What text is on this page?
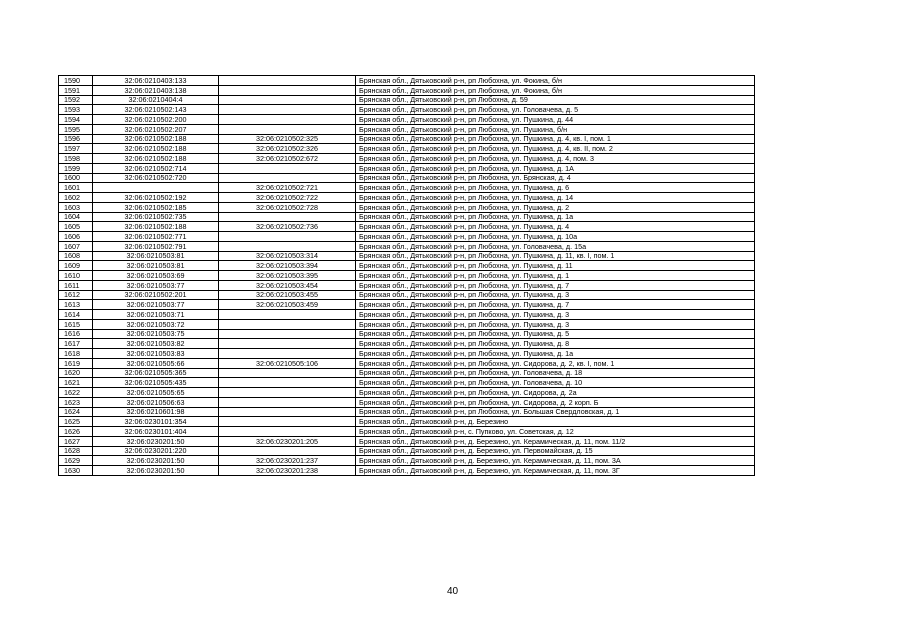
1590	32:06:0210403:133		Брянская обл., Дятьковский р-н, рп Любохна, ул. Фокина, б/н
1591	32:06:0210403:138		Брянская обл., Дятьковский р-н, рп Любохна, ул. Фокина, б/н
1592	32:06:0210404:4		Брянская обл., Дятьковский р-н, рп Любохна, д. 59
1593	32:06:0210502:143		Брянская обл., Дятьковский р-н, рп Любохна, ул. Головачева, д. 5
1594	32:06:0210502:200		Брянская обл., Дятьковский р-н, рп Любохна, ул. Пушкина, д. 44
1595	32:06:0210502:207		Брянская обл., Дятьковский р-н, рп Любохна, ул. Пушкина, б/н
1596	32:06:0210502:188	32:06:0210502:325	Брянская обл., Дятьковский р-н, рп Любохна, ул. Пушкина, д. 4, кв. I, пом. 1
1597	32:06:0210502:188	32:06:0210502:326	Брянская обл., Дятьковский р-н, рп Любохна, ул. Пушкина, д. 4, кв. II, пом. 2
1598	32:06:0210502:188	32:06:0210502:672	Брянская обл., Дятьковский р-н, рп Любохна, ул. Пушкина, д. 4, пом. 3
1599	32:06:0210502:714		Брянская обл., Дятьковский р-н, рп Любохна, ул. Пушкина, д. 1А
1600	32:06:0210502:720		Брянская обл., Дятьковский р-н, рп Любохна, ул. Брянская, д. 4
1601		32:06:0210502:721	Брянская обл., Дятьковский р-н, рп Любохна, ул. Пушкина, д. 6
1602	32:06:0210502:192	32:06:0210502:722	Брянская обл., Дятьковский р-н, рп Любохна, ул. Пушкина, д. 14
1603	32:06:0210502:185	32:06:0210502:728	Брянская обл., Дятьковский р-н, рп Любохна, ул. Пушкина, д. 2
1604	32:06:0210502:735		Брянская обл., Дятьковский р-н, рп Любохна, ул. Пушкина, д. 1а
1605	32:06:0210502:188	32:06:0210502:736	Брянская обл., Дятьковский р-н, рп Любохна, ул. Пушкина, д. 4
1606	32:06:0210502:771		Брянская обл., Дятьковский р-н, рп Любохна, ул. Пушкина, д. 10а
1607	32:06:0210502:791		Брянская обл., Дятьковский р-н, рп Любохна, ул. Головачева, д. 15а
1608	32:06:0210503:81	32:06:0210503:314	Брянская обл., Дятьковский р-н, рп Любохна, ул. Пушкина, д. 11, кв. I, пом. 1
1609	32:06:0210503:81	32:06:0210503:394	Брянская обл., Дятьковский р-н, рп Любохна, ул. Пушкина, д. 11
1610	32:06:0210503:69	32:06:0210503:395	Брянская обл., Дятьковский р-н, рп Любохна, ул. Пушкина, д. 1
1611	32:06:0210503:77	32:06:0210503:454	Брянская обл., Дятьковский р-н, рп Любохна, ул. Пушкина, д. 7
1612	32:06:0210502:201	32:06:0210503:455	Брянская обл., Дятьковский р-н, рп Любохна, ул. Пушкина, д. 3
1613	32:06:0210503:77	32:06:0210503:459	Брянская обл., Дятьковский р-н, рп Любохна, ул. Пушкина, д. 7
1614	32:06:0210503:71		Брянская обл., Дятьковский р-н, рп Любохна, ул. Пушкина, д. 3
1615	32:06:0210503:72		Брянская обл., Дятьковский р-н, рп Любохна, ул. Пушкина, д. 3
1616	32:06:0210503:75		Брянская обл., Дятьковский р-н, рп Любохна, ул. Пушкина, д. 5
1617	32:06:0210503:82		Брянская обл., Дятьковский р-н, рп Любохна, ул. Пушкина, д. 8
1618	32:06:0210503:83		Брянская обл., Дятьковский р-н, рп Любохна, ул. Пушкина, д. 1а
1619	32:06:0210505:66	32:06:0210505:106	Брянская обл., Дятьковский р-н, рп Любохна, ул. Сидорова, д. 2, кв. I, пом. 1
1620	32:06:0210505:365		Брянская обл., Дятьковский р-н, рп Любохна, ул. Головачева, д. 18
1621	32:06:0210505:435		Брянская обл., Дятьковский р-н, рп Любохна, ул. Головачева, д. 10
1622	32:06:0210505:65		Брянская обл., Дятьковский р-н, рп Любохна, ул. Сидорова, д. 2а
1623	32:06:0210506:63		Брянская обл., Дятьковский р-н, рп Любохна, ул. Сидорова, д. 2 корп. Б
1624	32:06:0210601:98		Брянская обл., Дятьковский р-н, рп Любохна, ул. Большая Свердловская, д. 1
1625	32:06:0230101:354		Брянская обл., Дятьковский р-н, д. Березино
1626	32:06:0230101:404		Брянская обл., Дятьковский р-н, с. Пупково, ул. Советская, д. 12
1627	32:06:0230201:50	32:06:0230201:205	Брянская обл., Дятьковский р-н, д. Березино, ул. Керамическая, д. 11, пом. 11/2
1628	32:06:0230201:220		Брянская обл., Дятьковский р-н, д. Березино, ул. Первомайская, д. 15
1629	32:06:0230201:50	32:06:0230201:237	Брянская обл., Дятьковский р-н, д. Березино, ул. Керамическая, д. 11, пом. 3А
1630	32:06:0230201:50	32:06:0230201:238	Брянская обл., Дятьковский р-н, д. Березино, ул. Керамическая, д. 11, пом. 3Г
40
